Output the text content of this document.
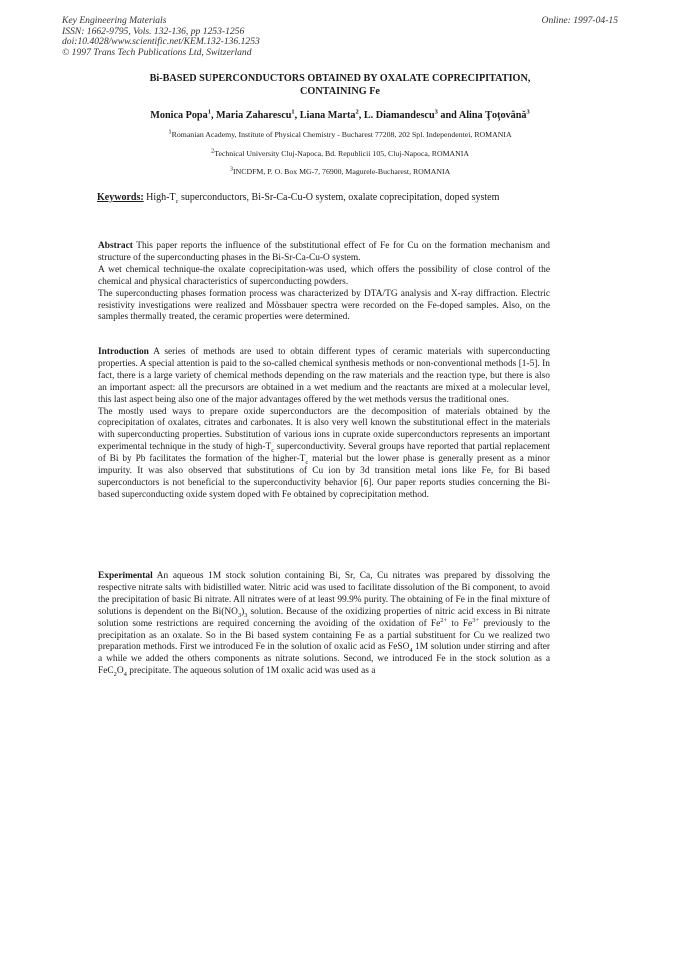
Key Engineering Materials
ISSN: 1662-9795, Vols. 132-136, pp 1253-1256
doi:10.4028/www.scientific.net/KEM.132-136.1253
© 1997 Trans Tech Publications Ltd, Switzerland
Online: 1997-04-15
Bi-BASED SUPERCONDUCTORS OBTAINED BY OXALATE COPRECIPITATION,
CONTAINING Fe
Monica Popa$^1$, Maria Zaharescu$^1$, Liana Marta$^2$, L. Diamandescu$^3$ and Alina Ţoţovână$^3$
$^1$Romanian Academy, Institute of Physical Chemistry - Bucharest 77208, 202 Spl. Independentei, ROMANIA
$^2$Technical University Cluj-Napoca, Bd. Republicii 105, Cluj-Napoca, ROMANIA
$^3$INCDFM, P. O. Box MG-7, 76900, Magurele-Bucharest, ROMANIA
Keywords: High-$T_c$ superconductors, Bi-Sr-Ca-Cu-O system, oxalate coprecipitation, doped system

Abstract This paper reports the influence of the substitutional effect of Fe for Cu on the formation mechanism and structure of the superconducting phases in the Bi-Sr-Ca-Cu-O system.
A wet chemical technique-the oxalate coprecipitation-was used, which offers the possibility of close control of the chemical and physical characteristics of superconducting powders.
The superconducting phases formation process was characterized by DTA/TG analysis and X-ray diffraction. Electric resistivity investigations were realized and Mössbauer spectra were recorded on the Fe-doped samples. Also, on the samples thermally treated, the ceramic properties were determined.

Introduction A series of methods are used to obtain different types of ceramic materials with superconducting properties. A special attention is paid to the so-called chemical synthesis methods or non-conventional methods [1-5]. In fact, there is a large variety of chemical methods depending on the raw materials and the reaction type, but there is also an important aspect: all the precursors are obtained in a wet medium and the reactants are mixed at a molecular level, this last aspect being also one of the major advantages offered by the wet methods versus the traditional ones.
The mostly used ways to prepare oxide superconductors are the decomposition of materials obtained by the coprecipitation of oxalates, citrates and carbonates. It is also very well known the substitutional effect in the materials with superconducting properties. Substitution of various ions in cuprate oxide superconductors represents an important experimental technique in the study of high-$T_c$ superconductivity. Several groups have reported that partial replacement of Bi by Pb facilitates the formation of the higher-$T_c$ material but the lower phase is generally present as a minor impurity. It was also observed that substitutions of Cu ion by 3d transition metal ions like Fe, for Bi based superconductors is not beneficial to the superconductivity behavior [6]. Our paper reports studies concerning the Bi-based superconducting oxide system doped with Fe obtained by coprecipitation method.

Experimental An aqueous 1M stock solution containing Bi, Sr, Ca, Cu nitrates was prepared by dissolving the respective nitrate salts with bidistilled water. Nitric acid was used to facilitate dissolution of the Bi component, to avoid the precipitation of basic Bi nitrate. All nitrates were of at least 99.9% purity. The obtaining of Fe in the final mixture of solutions is dependent on the $Bi(NO_3)_3$ solution. Because of the oxidizing properties of nitric acid excess in Bi nitrate solution some restrictions are required concerning the avoiding of the oxidation of $Fe^{2+}$ to $Fe^{3+}$ previously to the precipitation as an oxalate. So in the Bi based system containing Fe as a partial substituent for Cu we realized two preparation methods. First we introduced Fe in the solution of oxalic acid as FeSO$_4$ 1M solution under stirring and after a while we added the others components as nitrate solutions. Second, we introduced Fe in the stock solution as a $FeC_2O_4$ precipitate. The aqueous solution of 1M oxalic acid was used as a
